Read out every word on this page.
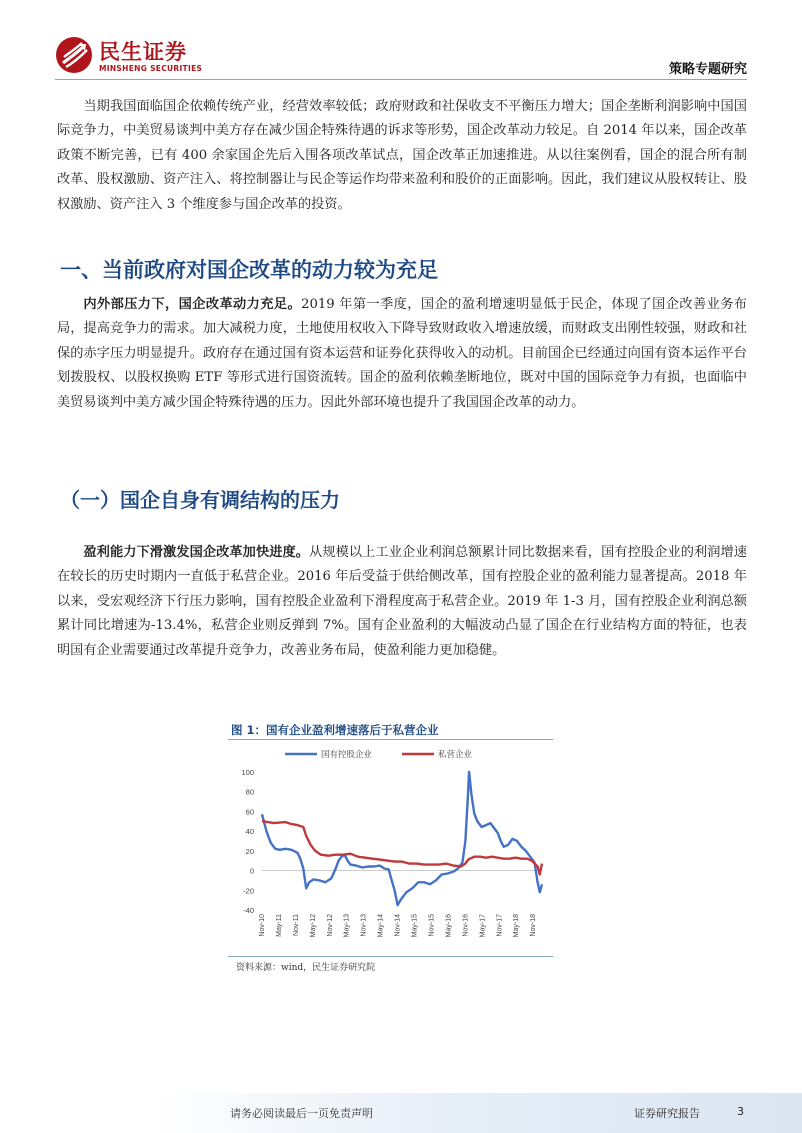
民生证券
MINSHENG SECURITIES	策略专题研究

当期我国面临国企依赖传统产业，经营效率较低；政府财政和社保收支不平衡压力增大；国企垄断利润影响中国国际竞争力，中美贸易谈判中美方存在减少国企特殊待遇的诉求等形势，国企改革动力较足。自 2014 年以来，国企改革政策不断完善，已有 400 余家国企先后入围各项改革试点，国企改革正加速推进。从以往案例看，国企的混合所有制改革、股权激励、资产注入、将控制器让与民企等运作均带来盈利和股价的正面影响。因此，我们建议从股权转让、股权激励、资产注入 3 个维度参与国企改革的投资。

一、当前政府对国企改革的动力较为充足

内外部压力下，国企改革动力充足。2019 年第一季度，国企的盈利增速明显低于民企，体现了国企改善业务布局，提高竞争力的需求。加大减税力度，土地使用权收入下降导致财政收入增速放缓，而财政支出刚性较强，财政和社保的赤字压力明显提升。政府存在通过国有资本运营和证券化获得收入的动机。目前国企已经通过向国有资本运作平台划拨股权、以股权换购 ETF 等形式进行国资流转。国企的盈利依赖垄断地位，既对中国的国际竞争力有损，也面临中美贸易谈判中美方减少国企特殊待遇的压力。因此外部环境也提升了我国国企改革的动力。

（一）国企自身有调结构的压力

盈利能力下滑激发国企改革加快进度。从规模以上工业企业利润总额累计同比数据来看，国有控股企业的利润增速在较长的历史时期内一直低于私营企业。2016 年后受益于供给侧改革，国有控股企业的盈利能力显著提高。2018 年以来，受宏观经济下行压力影响，国有控股企业盈利下滑程度高于私营企业。2019 年 1-3 月，国有控股企业利润总额累计同比增速为-13.4%，私营企业则反弹到 7%。国有企业盈利的大幅波动凸显了国企在行业结构方面的特征，也表明国有企业需要通过改革提升竞争力，改善业务布局，使盈利能力更加稳健。

图 1：国有企业盈利增速落后于私营企业
-40
-20
0
20
40
60
80
100
Nov-10 May-11 Nov-11 May-12 Nov-12 May-13 Nov-13 May-14 Nov-14 May-15 Nov-15 May-16 Nov-16 May-17 Nov-17 May-18 Nov-18
国有控股企业	私营企业
资料来源：wind，民生证券研究院
请务必阅读最后一页免责声明	证券研究报告	3
